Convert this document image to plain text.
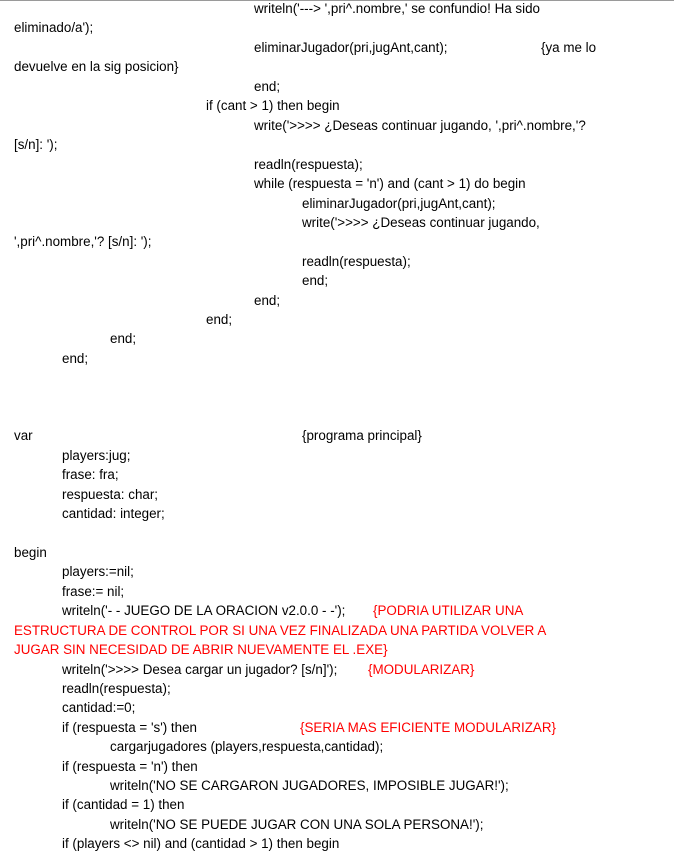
writeln('---> ',pri^.nombre,' se confundio! Ha sido
eliminado/a');
eliminarJugador(pri,jugAnt,cant);	{ya me lo
devuelve en la sig posicion}
end;
if (cant > 1) then begin
write('>>>> ¿Deseas continuar jugando, ',pri^.nombre,'?
[s/n]: ');
readln(respuesta);
while (respuesta = 'n') and (cant > 1) do begin
eliminarJugador(pri,jugAnt,cant);
write('>>>> ¿Deseas continuar jugando,
',pri^.nombre,'? [s/n]: ');
readln(respuesta);
end;
end;
end;
end;
end;
var	{programa principal}
players:jug;
frase: fra;
respuesta: char;
cantidad: integer;
begin
players:=nil;
frase:= nil;
writeln('- - JUEGO DE LA ORACION v2.0.0 - -'); {PODRIA UTILIZAR UNA
ESTRUCTURA DE CONTROL POR SI UNA VEZ FINALIZADA UNA PARTIDA VOLVER A
JUGAR SIN NECESIDAD DE ABRIR NUEVAMENTE EL .EXE}
writeln('>>>> Desea cargar un jugador? [s/n]'); {MODULARIZAR}
readln(respuesta);
cantidad:=0;
if (respuesta = 's') then	{SERIA MAS EFICIENTE MODULARIZAR}
cargarjugadores (players,respuesta,cantidad);
if (respuesta = 'n') then
writeln('NO SE CARGARON JUGADORES, IMPOSIBLE JUGAR!');
if (cantidad = 1) then
writeln('NO SE PUEDE JUGAR CON UNA SOLA PERSONA!');
if (players <> nil) and (cantidad > 1) then begin
